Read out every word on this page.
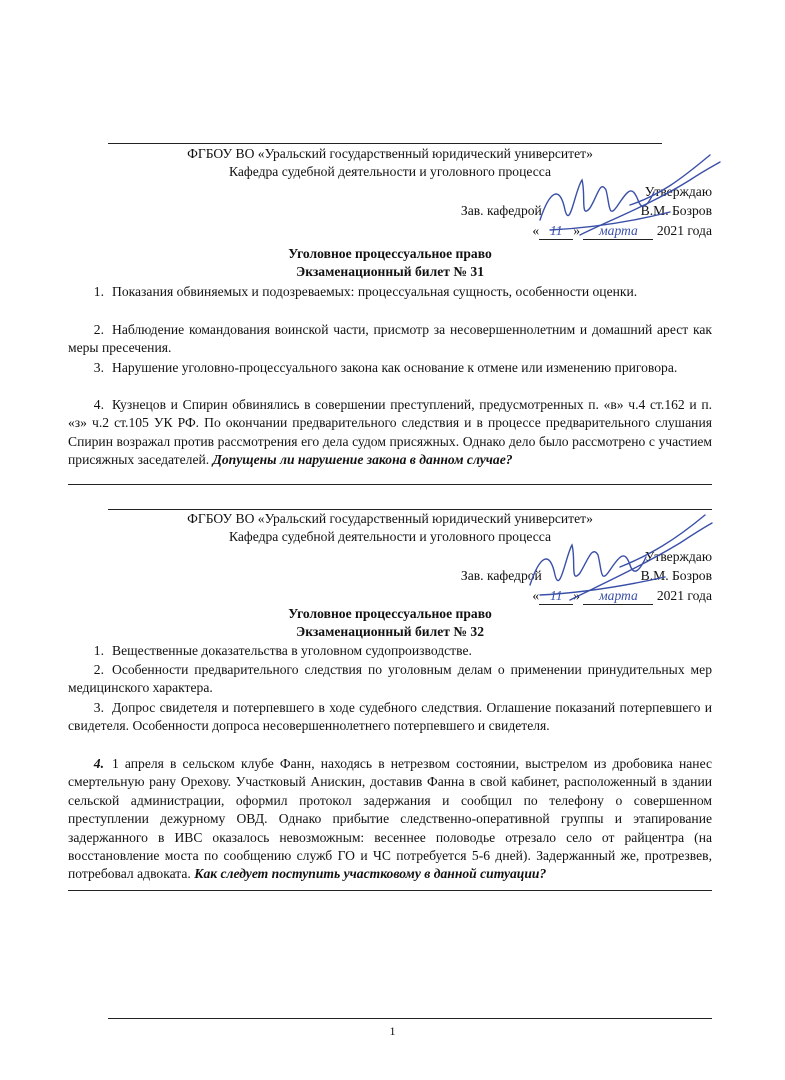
ФГБОУ ВО «Уральский государственный юридический университет»
Кафедра судебной деятельности и уголовного процесса
Утверждаю
Зав. кафедрой	В.М. Бозров
« 11 » марта 2021 года
Уголовное процессуальное право
Экзаменационный билет № 31
1. Показания обвиняемых и подозреваемых: процессуальная сущность, особенности оценки.
2. Наблюдение командования воинской части, присмотр за несовершеннолетним и домашний арест как меры пресечения.
3. Нарушение уголовно-процессуального закона как основание к отмене или изменению приговора.
4. Кузнецов и Спирин обвинялись в совершении преступлений, предусмотренных п. «в» ч.4 ст.162 и п. «з» ч.2 ст.105 УК РФ. По окончании предварительного следствия и в процессе предварительного слушания Спирин возражал против рассмотрения его дела судом присяжных. Однако дело было рассмотрено с участием присяжных заседателей. Допущены ли нарушение закона в данном случае?
ФГБОУ ВО «Уральский государственный юридический университет»
Кафедра судебной деятельности и уголовного процесса
Утверждаю
Зав. кафедрой	В.М. Бозров
« 11 » марта 2021 года
Уголовное процессуальное право
Экзаменационный билет № 32
1. Вещественные доказательства в уголовном судопроизводстве.
2. Особенности предварительного следствия по уголовным делам о применении принудительных мер медицинского характера.
3. Допрос свидетеля и потерпевшего в ходе судебного следствия. Оглашение показаний потерпевшего и свидетеля. Особенности допроса несовершеннолетнего потерпевшего и свидетеля.
4. 1 апреля в сельском клубе Фанн, находясь в нетрезвом состоянии, выстрелом из дробовика нанес смертельную рану Орехову. Участковый Анискин, доставив Фанна в свой кабинет, расположенный в здании сельской администрации, оформил протокол задержания и сообщил по телефону о совершенном преступлении дежурному ОВД. Однако прибытие следственно-оперативной группы и этапирование задержанного в ИВС оказалось невозможным: весеннее половодье отрезало село от райцентра (на восстановление моста по сообщению служб ГО и ЧС потребуется 5-6 дней). Задержанный же, протрезвев, потребовал адвоката. Как следует поступить участковому в данной ситуации?
1
